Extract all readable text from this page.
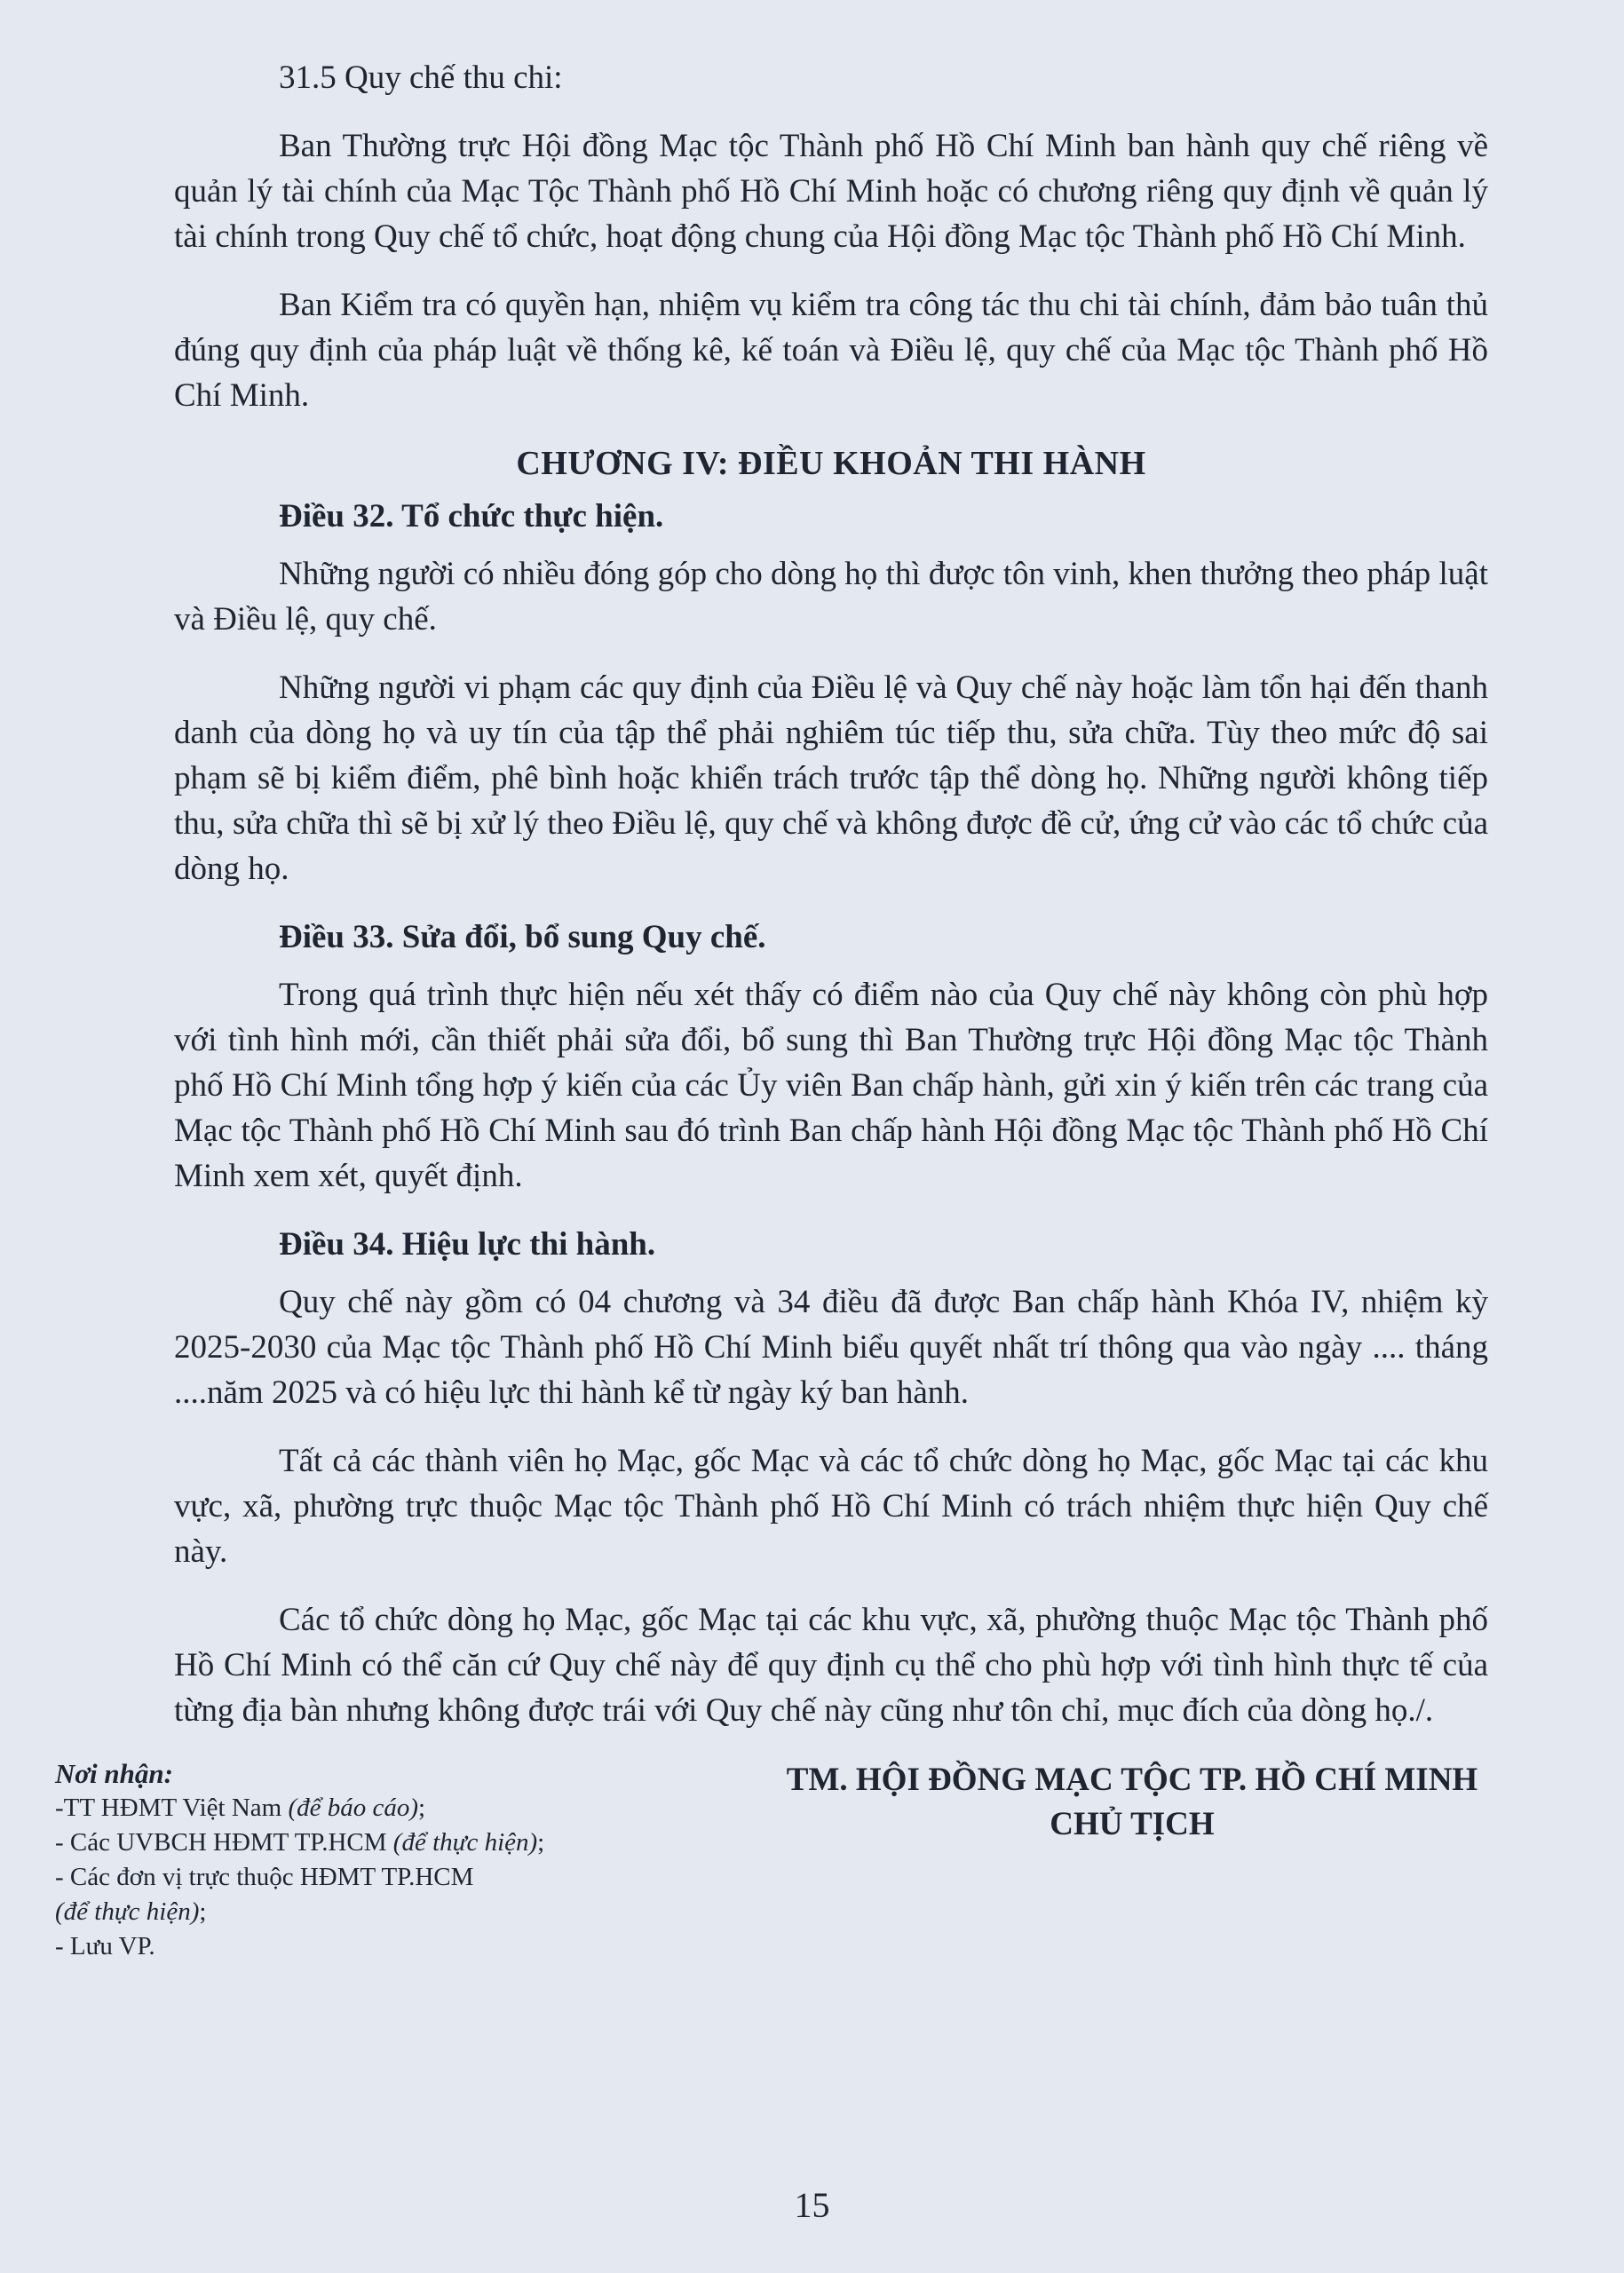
31.5 Quy chế thu chi:

Ban Thường trực Hội đồng Mạc tộc Thành phố Hồ Chí Minh ban hành quy chế riêng về quản lý tài chính của Mạc Tộc Thành phố Hồ Chí Minh hoặc có chương riêng quy định về quản lý tài chính trong Quy chế tổ chức, hoạt động chung của Hội đồng Mạc tộc Thành phố Hồ Chí Minh.

Ban Kiểm tra có quyền hạn, nhiệm vụ kiểm tra công tác thu chi tài chính, đảm bảo tuân thủ đúng quy định của pháp luật về thống kê, kế toán và Điều lệ, quy chế của Mạc tộc Thành phố Hồ Chí Minh.

CHƯƠNG IV: ĐIỀU KHOẢN THI HÀNH

Điều 32. Tổ chức thực hiện.

Những người có nhiều đóng góp cho dòng họ thì được tôn vinh, khen thưởng theo pháp luật và Điều lệ, quy chế.

Những người vi phạm các quy định của Điều lệ và Quy chế này hoặc làm tổn hại đến thanh danh của dòng họ và uy tín của tập thể phải nghiêm túc tiếp thu, sửa chữa. Tùy theo mức độ sai phạm sẽ bị kiểm điểm, phê bình hoặc khiển trách trước tập thể dòng họ. Những người không tiếp thu, sửa chữa thì sẽ bị xử lý theo Điều lệ, quy chế và không được đề cử, ứng cử vào các tổ chức của dòng họ.

Điều 33. Sửa đổi, bổ sung Quy chế.

Trong quá trình thực hiện nếu xét thấy có điểm nào của Quy chế này không còn phù hợp với tình hình mới, cần thiết phải sửa đổi, bổ sung thì Ban Thường trực Hội đồng Mạc tộc Thành phố Hồ Chí Minh tổng hợp ý kiến của các Ủy viên Ban chấp hành, gửi xin ý kiến trên các trang của Mạc tộc Thành phố Hồ Chí Minh sau đó trình Ban chấp hành Hội đồng Mạc tộc Thành phố Hồ Chí Minh xem xét, quyết định.

Điều 34. Hiệu lực thi hành.

Quy chế này gồm có 04 chương và 34 điều đã được Ban chấp hành Khóa IV, nhiệm kỳ 2025-2030 của Mạc tộc Thành phố Hồ Chí Minh biểu quyết nhất trí thông qua vào ngày .... tháng ....năm 2025 và có hiệu lực thi hành kể từ ngày ký ban hành.

Tất cả các thành viên họ Mạc, gốc Mạc và các tổ chức dòng họ Mạc, gốc Mạc tại các khu vực, xã, phường trực thuộc Mạc tộc Thành phố Hồ Chí Minh có trách nhiệm thực hiện Quy chế này.

Các tổ chức dòng họ Mạc, gốc Mạc tại các khu vực, xã, phường thuộc Mạc tộc Thành phố Hồ Chí Minh có thể căn cứ Quy chế này để quy định cụ thể cho phù hợp với tình hình thực tế của từng địa bàn nhưng không được trái với Quy chế này cũng như tôn chỉ, mục đích của dòng họ./.

Nơi nhận:
-TT HĐMT Việt Nam (để báo cáo);
- Các UVBCH HĐMT TP.HCM (để thực hiện);
- Các đơn vị trực thuộc HĐMT TP.HCM
(để thực hiện);
- Lưu VP.
TM. HỘI ĐỒNG MẠC TỘC TP. HỒ CHÍ MINH
CHỦ TỊCH
15
